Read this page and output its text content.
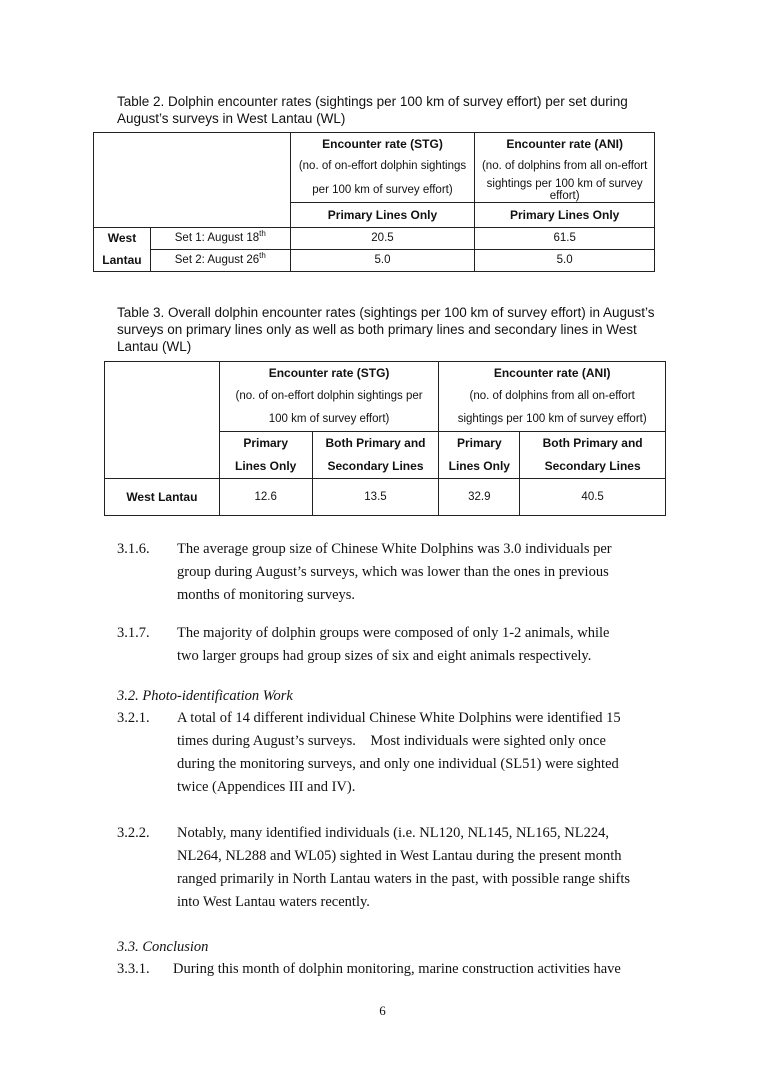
Table 2. Dolphin encounter rates (sightings per 100 km of survey effort) per set during August’s surveys in West Lantau (WL)
		Encounter rate (STG)	Encounter rate (ANI)
		(no. of on-effort dolphin sightings	(no. of dolphins from all on-effort
		per 100 km of survey effort)	sightings per 100 km of survey effort)
		Primary Lines Only	Primary Lines Only
West	Set 1: August 18th	20.5	61.5
Lantau	Set 2: August 26th	5.0	5.0
Table 3. Overall dolphin encounter rates (sightings per 100 km of survey effort) in August’s surveys on primary lines only as well as both primary lines and secondary lines in West Lantau (WL)
	Encounter rate (STG)		Encounter rate (ANI)	
	(no. of on-effort dolphin sightings per		(no. of dolphins from all on-effort	
	100 km of survey effort)		sightings per 100 km of survey effort)	
	Primary	Both Primary and	Primary	Both Primary and
	Lines Only	Secondary Lines	Lines Only	Secondary Lines
West Lantau	12.6	13.5	32.9	40.5
3.1.6. The average group size of Chinese White Dolphins was 3.0 individuals per
group during August’s surveys, which was lower than the ones in previous
months of monitoring surveys.
3.1.7. The majority of dolphin groups were composed of only 1-2 animals, while
two larger groups had group sizes of six and eight animals respectively.
3.2. Photo-identification Work
3.2.1. A total of 14 different individual Chinese White Dolphins were identified 15
times during August’s surveys.    Most individuals were sighted only once
during the monitoring surveys, and only one individual (SL51) were sighted
twice (Appendices III and IV).
3.2.2. Notably, many identified individuals (i.e. NL120, NL145, NL165, NL224,
NL264, NL288 and WL05) sighted in West Lantau during the present month
ranged primarily in North Lantau waters in the past, with possible range shifts
into West Lantau waters recently.
3.3. Conclusion
3.3.1. During this month of dolphin monitoring, marine construction activities have
6
